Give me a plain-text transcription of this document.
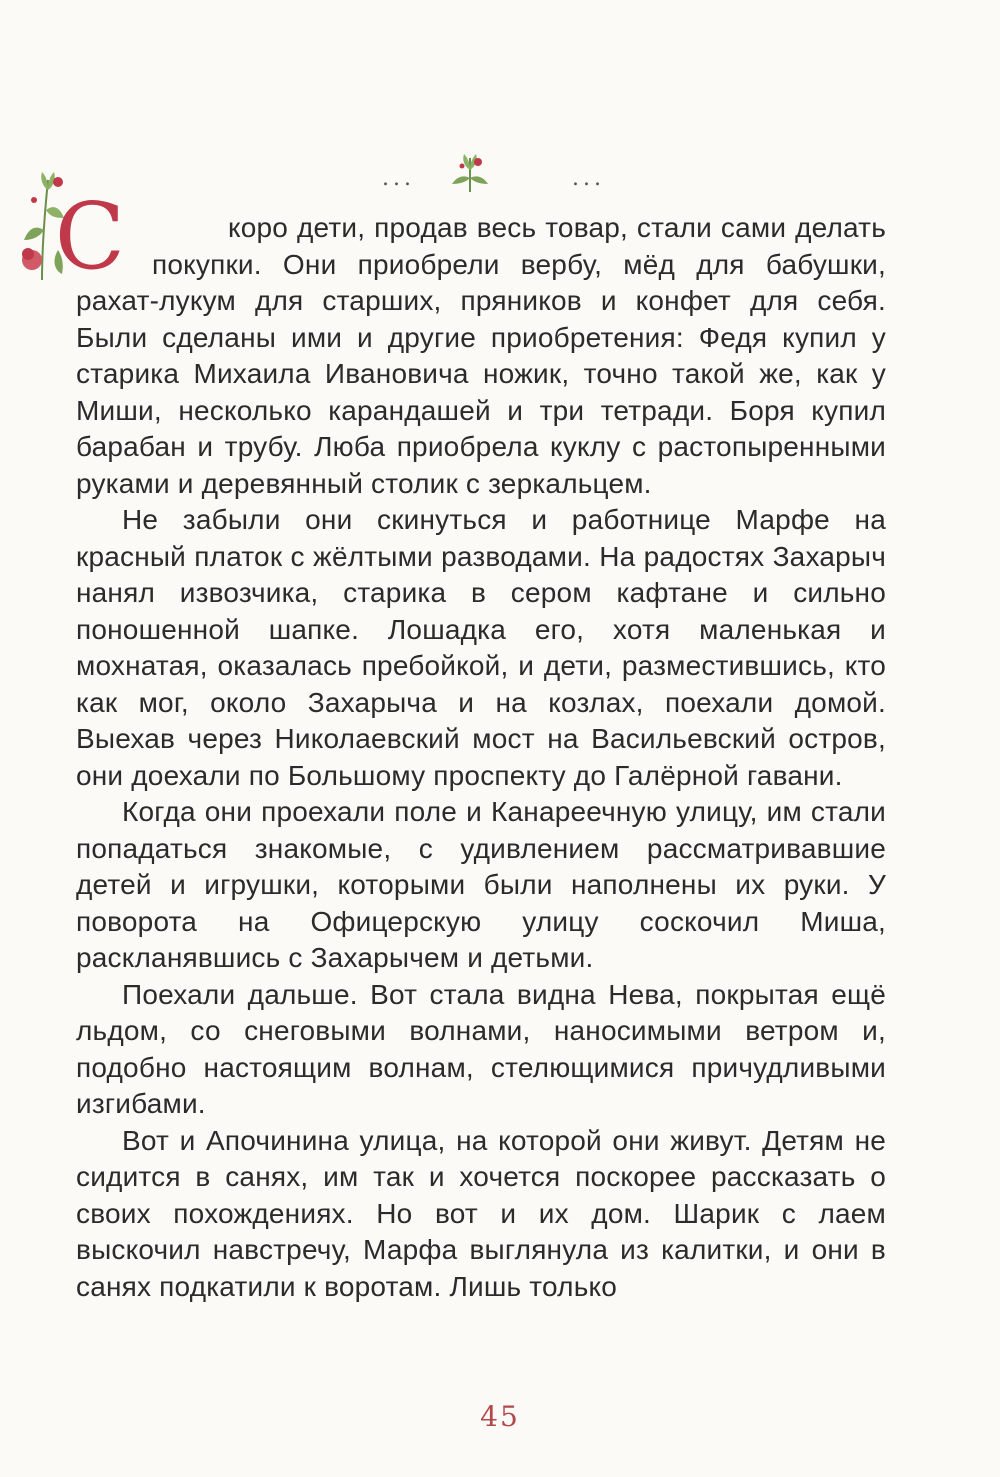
...	...
С	коро дети, продав весь товар, стали сами делать покупки. Они приобрели вербу, мёд для бабушки, рахат-лукум для старших, пряников и конфет для себя. Были сделаны ими и другие приобретения: Федя купил у старика Михаила Ивановича ножик, точно такой же, как у Миши, несколько карандашей и три тетради. Боря купил барабан и трубу. Люба приобрела куклу с растопыренными руками и деревянный столик с зеркальцем.

Не забыли они скинуться и работнице Марфе на красный платок с жёлтыми разводами. На радостях Захарыч нанял извозчика, старика в сером кафтане и сильно поношенной шапке. Лошадка его, хотя маленькая и мохнатая, оказалась пребойкой, и дети, разместившись, кто как мог, около Захарыча и на козлах, поехали домой. Выехав через Николаевский мост на Васильевский остров, они доехали по Большому проспекту до Галёрной гавани.

Когда они проехали поле и Канареечную улицу, им стали попадаться знакомые, с удивлением рассматривавшие детей и игрушки, которыми были наполнены их руки. У поворота на Офицерскую улицу соскочил Миша, раскланявшись с Захарычем и детьми.

Поехали дальше. Вот стала видна Нева, покрытая ещё льдом, со снеговыми волнами, наносимыми ветром и, подобно настоящим волнам, стелющимися причудливыми изгибами.

Вот и Апочинина улица, на которой они живут. Детям не сидится в санях, им так и хочется поскорее рассказать о своих похождениях. Но вот и их дом. Шарик с лаем выскочил навстречу, Марфа выглянула из калитки, и они в санях подкатили к воротам. Лишь только

45
